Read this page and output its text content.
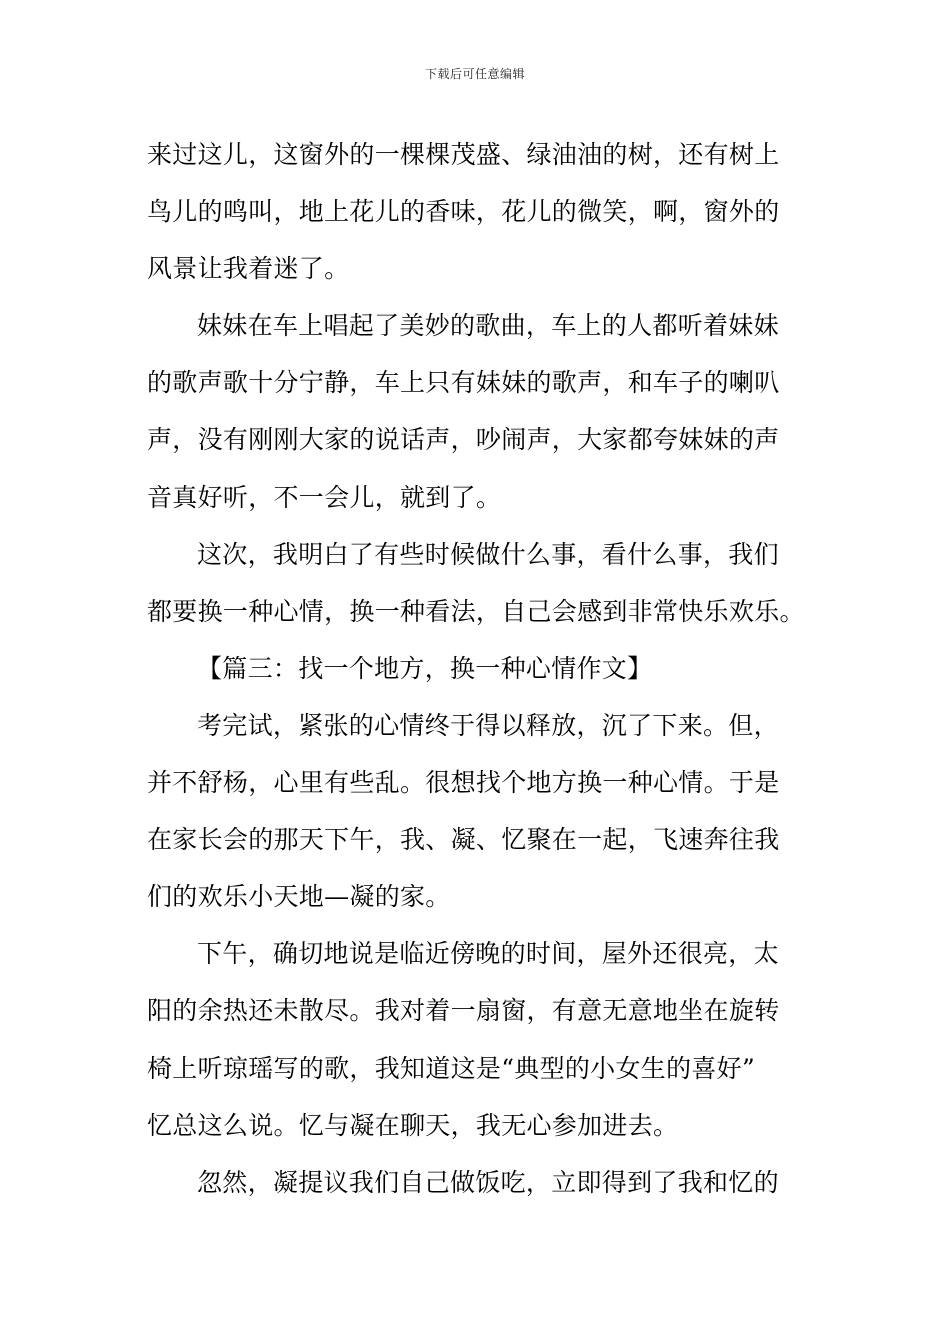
下载后可任意编辑
来过这儿，这窗外的一棵棵茂盛、绿油油的树，还有树上
鸟儿的鸣叫，地上花儿的香味，花儿的微笑，啊，窗外的
风景让我着迷了。
妹妹在车上唱起了美妙的歌曲，车上的人都听着妹妹
的歌声歌十分宁静，车上只有妹妹的歌声，和车子的喇叭
声，没有刚刚大家的说话声，吵闹声，大家都夸妹妹的声
音真好听，不一会儿，就到了。
这次，我明白了有些时候做什么事，看什么事，我们
都要换一种心情，换一种看法，自己会感到非常快乐欢乐。
【篇三：找一个地方，换一种心情作文】
考完试，紧张的心情终于得以释放，沉了下来。但，
并不舒杨，心里有些乱。很想找个地方换一种心情。于是
在家长会的那天下午，我、凝、忆聚在一起，飞速奔往我
们的欢乐小天地—凝的家。
下午，确切地说是临近傍晚的时间，屋外还很亮，太
阳的余热还未散尽。我对着一扇窗，有意无意地坐在旋转
椅上听琼瑶写的歌，我知道这是“典型的小女生的喜好”
忆总这么说。忆与凝在聊天，我无心参加进去。
忽然，凝提议我们自己做饭吃，立即得到了我和忆的
